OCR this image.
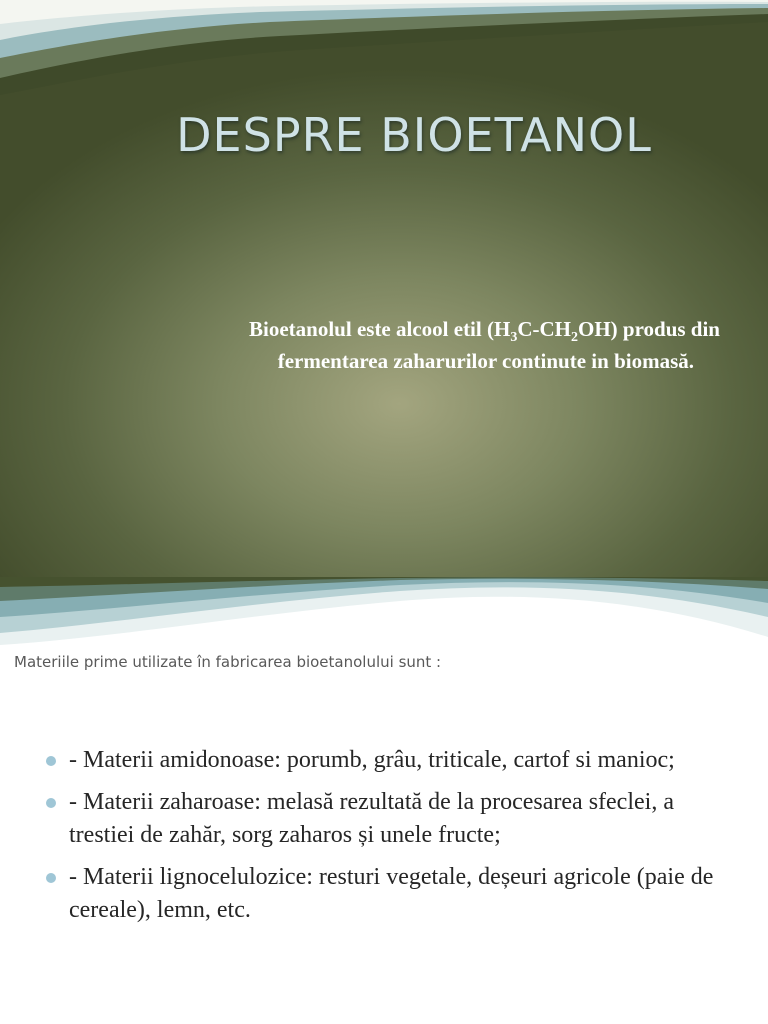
DESPRE BIOETANOL
Bioetanolul este alcool etil $(H_3C-CH_2OH)$ produs din
fermentarea zaharurilor continute in biomasă.
Materiile prime utilizate în fabricarea bioetanolului sunt :
- Materii amidonoase: porumb, grâu, triticale, cartof si manioc;
- Materii zaharoase: melasă rezultată de la procesarea sfeclei, a trestiei de zahăr, sorg zaharos și unele fructe;
- Materii lignocelulozice: resturi vegetale, deșeuri agricole (paie de cereale), lemn, etc.
